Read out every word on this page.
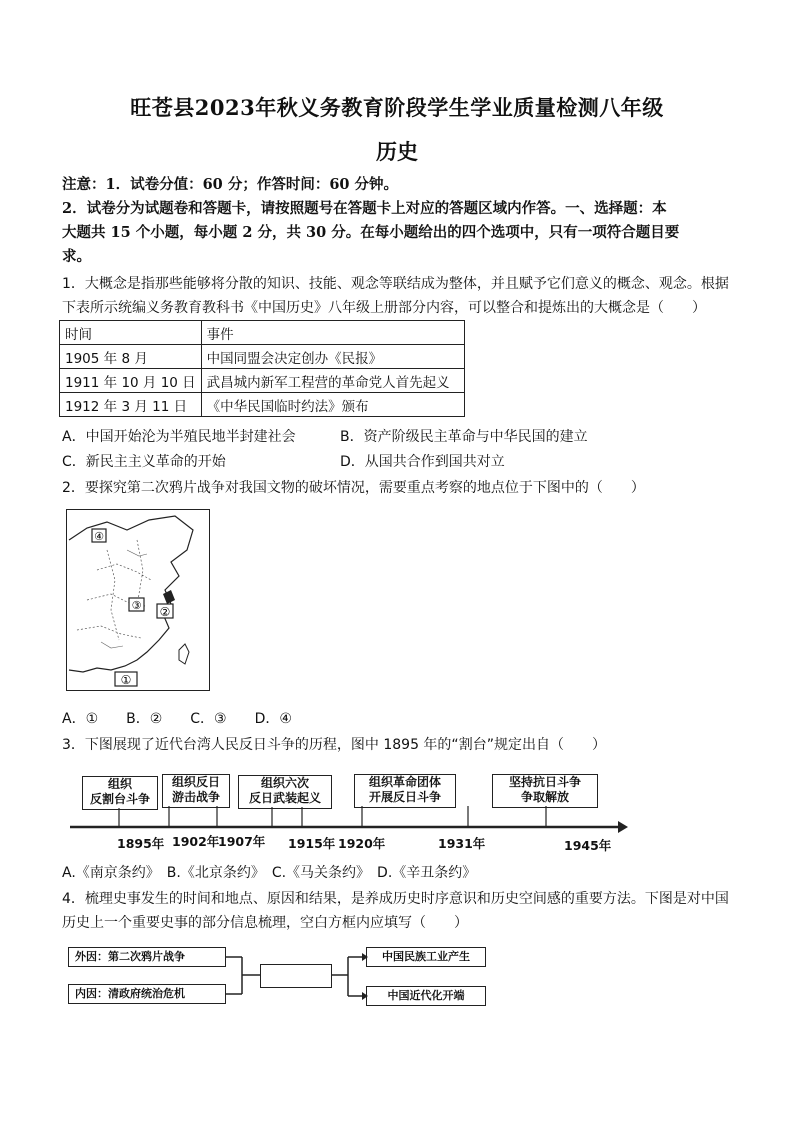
旺苍县2023年秋义务教育阶段学生学业质量检测八年级
历史
注意：1．试卷分值：60 分；作答时间：60 分钟。
2．试卷分为试题卷和答题卡，请按照题号在答题卡上对应的答题区域内作答。一、选择题：本
大题共 15 个小题，每小题 2 分，共 30 分。在每小题给出的四个选项中，只有一项符合题目要
求。
1．大概念是指那些能够将分散的知识、技能、观念等联结成为整体，并且赋予它们意义的概念、观念。根据
下表所示统编义务教育教科书《中国历史》八年级上册部分内容，可以整合和提炼出的大概念是（　　）
时间	事件
1905 年 8 月	中国同盟会决定创办《民报》
1911 年 10 月 10 日	武昌城内新军工程营的革命党人首先起义
1912 年 3 月 11 日	《中华民国临时约法》颁布
A．中国开始沦为半殖民地半封建社会	B．资产阶级民主革命与中华民国的建立
C．新民主主义革命的开始	D．从国共合作到国共对立
2．要探究第二次鸦片战争对我国文物的破坏情况，需要重点考察的地点位于下图中的（　　）
④
③ ②
①
A．①　　B．②　　C．③　　D．④
3．下图展现了近代台湾人民反日斗争的历程，图中 1895 年的“割台”规定出自（　　）
组织
反割台斗争
组织反日
游击战争
组织六次
反日武装起义
组织革命团体
开展反日斗争
坚持抗日斗争
争取解放
1895年 1902年
1907年 1915年 1920年	1931年	1945年
A.《南京条约》　B.《北京条约》　C.《马关条约》　D.《辛丑条约》
4．梳理史事发生的时间和地点、原因和结果，是养成历史时序意识和历史空间感的重要方法。下图是对中国
历史上一个重要史事的部分信息梳理，空白方框内应填写（　　）
外因：第二次鸦片战争
内因：清政府统治危机
中国民族工业产生
中国近代化开端
